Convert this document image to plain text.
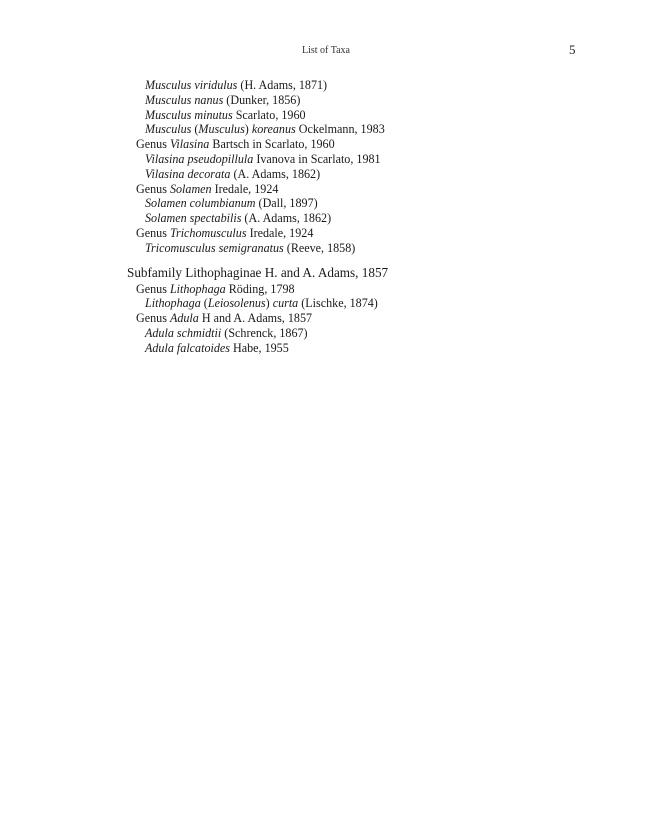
List of Taxa	5
Musculus viridulus (H. Adams, 1871)
Musculus nanus (Dunker, 1856)
Musculus minutus Scarlato, 1960
Musculus (Musculus) koreanus Ockelmann, 1983
Genus Vilasina Bartsch in Scarlato, 1960
Vilasina pseudopillula Ivanova in Scarlato, 1981
Vilasina decorata (A. Adams, 1862)
Genus Solamen Iredale, 1924
Solamen columbianum (Dall, 1897)
Solamen spectabilis (A. Adams, 1862)
Genus Trichomusculus Iredale, 1924
Tricomusculus semigranatus (Reeve, 1858)
Subfamily Lithophaginae H. and A. Adams, 1857
Genus Lithophaga Röding, 1798
Lithophaga (Leiosolenus) curta (Lischke, 1874)
Genus Adula H and A. Adams, 1857
Adula schmidtii (Schrenck, 1867)
Adula falcatoides Habe, 1955
